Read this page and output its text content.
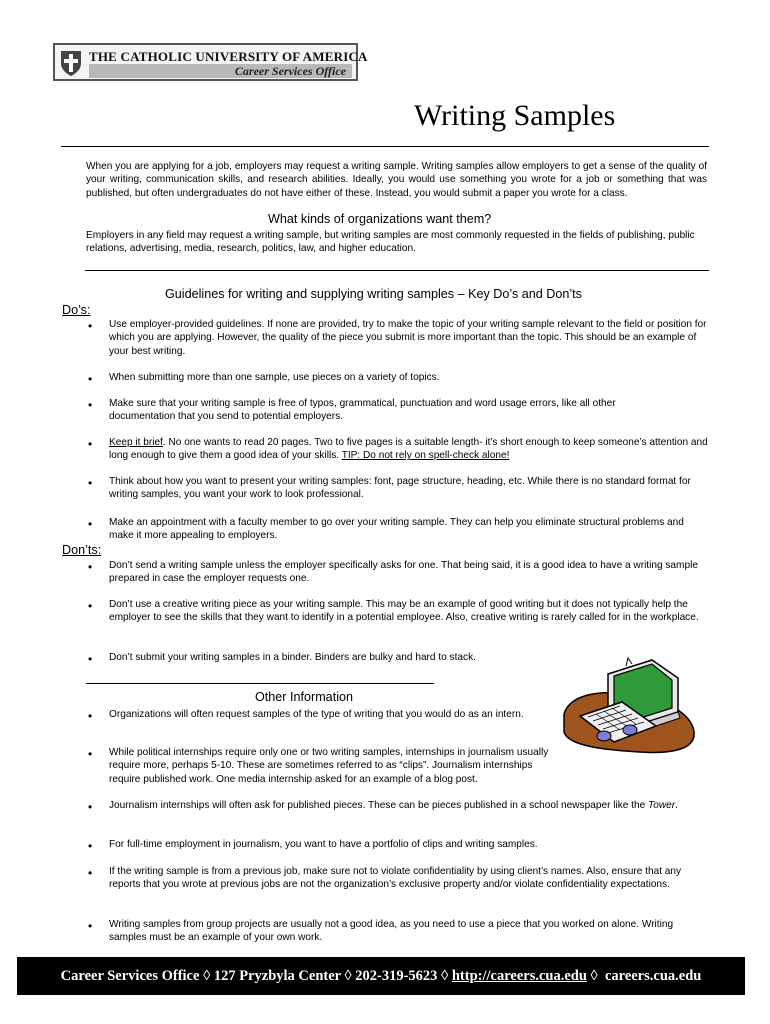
THE CATHOLIC UNIVERSITY OF AMERICA
Career Services Office
Writing Samples
When you are applying for a job, employers may request a writing sample. Writing samples allow employers to get a sense of the quality of your writing, communication skills, and research abilities. Ideally, you would use something you wrote for a job or something that was published, but often undergraduates do not have either of these. Instead, you would submit a paper you wrote for a class.
What kinds of organizations want them?
Employers in any field may request a writing sample, but writing samples are most commonly requested in the fields of publishing, public relations, advertising, media, research, politics, law, and higher education.
Guidelines for writing and supplying writing samples – Key Do’s and Don’ts
Do’s:
• Use employer-provided guidelines. If none are provided, try to make the topic of your writing sample relevant to the field or position for which you are applying. However, the quality of the piece you submit is more important than the topic. This should be an example of your best writing.
• When submitting more than one sample, use pieces on a variety of topics.
• Make sure that your writing sample is free of typos, grammatical, punctuation and word usage errors, like all other documentation that you send to potential employers.
• Keep it brief. No one wants to read 20 pages. Two to five pages is a suitable length- it’s short enough to keep someone’s attention and long enough to give them a good idea of your skills. TIP: Do not rely on spell-check alone!
• Think about how you want to present your writing samples: font, page structure, heading, etc. While there is no standard format for writing samples, you want your work to look professional.
• Make an appointment with a faculty member to go over your writing sample. They can help you eliminate structural problems and make it more appealing to employers.
Don’ts:
• Don’t send a writing sample unless the employer specifically asks for one. That being said, it is a good idea to have a writing sample prepared in case the employer requests one.
• Don’t use a creative writing piece as your writing sample. This may be an example of good writing but it does not typically help the employer to see the skills that they want to identify in a potential employee. Also, creative writing is rarely called for in the workplace.
• Don’t submit your writing samples in a binder. Binders are bulky and hard to stack.
Other Information
• Organizations will often request samples of the type of writing that you would do as an intern.
• While political internships require only one or two writing samples, internships in journalism usually require more, perhaps 5-10. These are sometimes referred to as “clips”. Journalism internships require published work. One media internship asked for an example of a blog post.
• Journalism internships will often ask for published pieces. These can be pieces published in a school newspaper like the Tower.
• For full-time employment in journalism, you want to have a portfolio of clips and writing samples.
• If the writing sample is from a previous job, make sure not to violate confidentiality by using client’s names. Also, ensure that any reports that you wrote at previous jobs are not the organization’s exclusive property and/or violate confidentiality expectations.
• Writing samples from group projects are usually not a good idea, as you need to use a piece that you worked on alone. Writing samples must be an example of your own work.
Career Services Office ◊ 127 Pryzbyla Center ◊ 202-319-5623 ◊ http://careers.cua.edu ◊  careers.cua.edu
